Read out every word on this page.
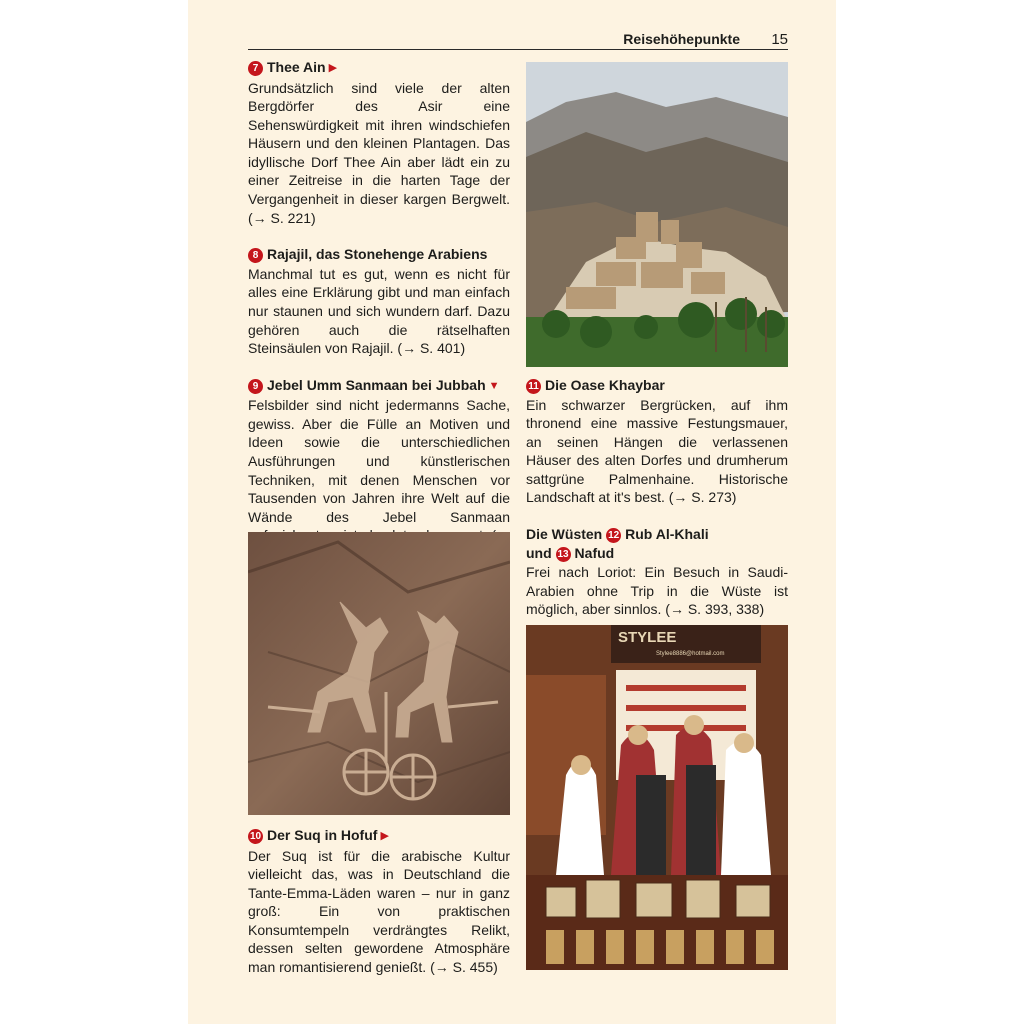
Reisehöhepunkte 15
7 Thee Ain ▶

Grundsätzlich sind viele der alten Bergdörfer des Asir eine Sehenswürdigkeit mit ihren windschiefen Häusern und den kleinen Plantagen. Das idyllische Dorf Thee Ain aber lädt ein zu einer Zeitreise in die harten Tage der Vergangenheit in dieser kargen Bergwelt. (→ S. 221)

8 Rajajil, das Stonehenge Arabiens

Manchmal tut es gut, wenn es nicht für alles eine Erklärung gibt und man einfach nur staunen und sich wundern darf. Dazu gehören auch die rätselhaften Steinsäulen von Rajajil. (→ S. 401)

9 Jebel Umm Sanmaan bei Jubbah ▼

Felsbilder sind nicht jedermanns Sache, gewiss. Aber die Fülle an Motiven und Ideen sowie die unterschiedlichen Ausführungen und künstlerischen Techniken, mit denen Menschen vor Tausenden von Jahren ihre Welt auf die Wände des Jebel Sanmaan

10 Der Suq in Hofuf ▶

Der Suq ist für die arabische Kultur vielleicht das, was in Deutschland die Tante-Emma-Läden waren – nur in ganz groß: Ein von praktischen Konsumtempeln verdrängtes Relikt, dessen selten gewordene Atmosphäre man romantisierend genießt. (→ S. 455)

11 Die Oase Khaybar

Ein schwarzer Bergrücken, auf ihm thronend eine massive Festungsmauer, an seinen Hängen die verlassenen Häuser des alten Dorfes und drumherum sattgrüne Palmenhaine. Historische Landschaft at it's best. (→ S. 273)

Die Wüsten 12 Rub Al-Khali
und 13 Nafud

Frei nach Loriot: Ein Besuch in Saudi-Arabien ohne Trip in die Wüste ist möglich, aber sinnlos. (→ S. 393, 338)

STYLEE
Stylee8886@hotmail.com
